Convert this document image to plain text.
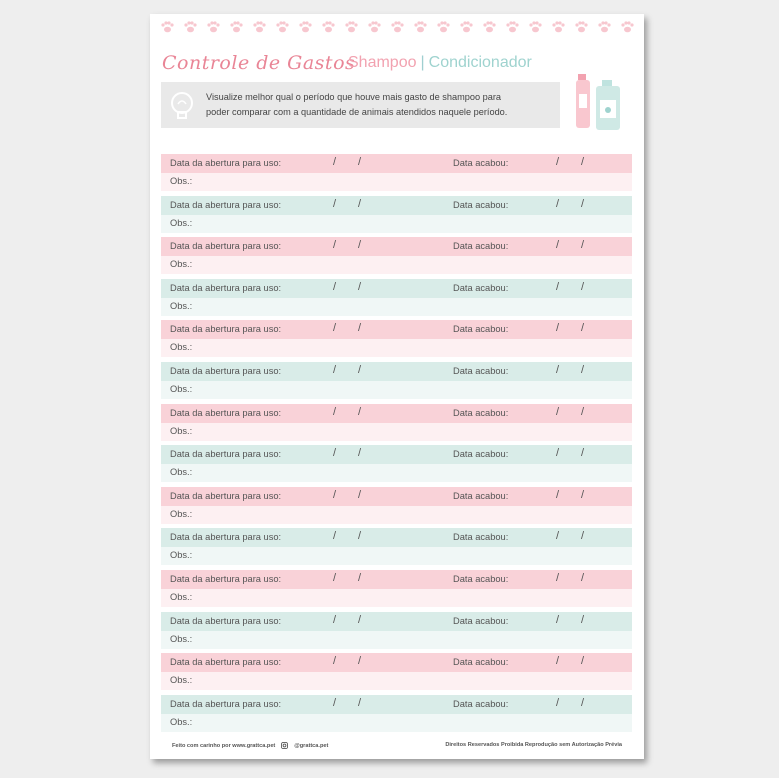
Controle de Gastos
Shampoo | Condicionador
Visualize melhor qual o período que houve mais gasto de shampoo para
poder comparar com a quantidade de animais atendidos naquele período.
Data da abertura para uso:	/ /	Data acabou:	/ /
Obs.:
Data da abertura para uso:	/ /	Data acabou:	/ /
Obs.:
Data da abertura para uso:	/ /	Data acabou:	/ /
Obs.:
Data da abertura para uso:	/ /	Data acabou:	/ /
Obs.:
Data da abertura para uso:	/ /	Data acabou:	/ /
Obs.:
Data da abertura para uso:	/ /	Data acabou:	/ /
Obs.:
Data da abertura para uso:	/ /	Data acabou:	/ /
Obs.:
Data da abertura para uso:	/ /	Data acabou:	/ /
Obs.:
Data da abertura para uso:	/ /	Data acabou:	/ /
Obs.:
Data da abertura para uso:	/ /	Data acabou:	/ /
Obs.:
Data da abertura para uso:	/ /	Data acabou:	/ /
Obs.:
Data da abertura para uso:	/ /	Data acabou:	/ /
Obs.:
Data da abertura para uso:	/ /	Data acabou:	/ /
Obs.:
Data da abertura para uso:	/ /	Data acabou:	/ /
Obs.:
Feito com carinho por www.grattca.pet	@grattca.pet	Direitos Reservados Proibida Reprodução sem Autorização Prévia
